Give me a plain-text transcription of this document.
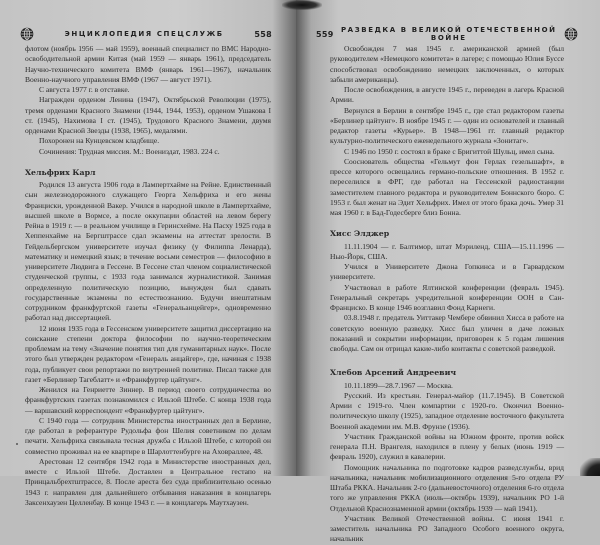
ЭНЦИКЛОПЕДИЯ СПЕЦСЛУЖБ	558

флотом (ноябрь 1956 — май 1959), военный специалист по ВМС Народно-освободительной армии Китая (май 1959 — январь 1961), председатель Научно-технического комитета ВМФ (январь 1961—1967), начальник Военно-научного управления ВМФ (1967 — август 1971).

С августа 1977 г. в отставке.

Награжден орденом Ленина (1947), Октябрьской Революции (1975), тремя орденами Красного Знамени (1944, 1944, 1953), орденом Ушакова I ст. (1945), Нахимова I ст. (1945), Трудового Красного Знамени, двумя орденами Красной Звезды (1938, 1965), медалями.

Похоронен на Кунцевском кладбище.

Сочинения: Трудная миссия. М.: Воениздат, 1983. 224 с.

Хельфрих Карл

Родился 13 августа 1906 года в Лампертхайме на Рейне. Единственный сын железнодорожного служащего Георга Хельфриха и его жены Франциски, урожденной Вакер. Учился в народной школе в Лампертхайме, высшей школе в Вормсе, а после оккупации областей на левом берегу Рейна в 1919 г. — в реальном училище в Геринсхейме. На Пасху 1925 года в Хеппенхайме на Бергштрассе сдал экзамены на аттестат зрелости. В Гейдельбергском университете изучал физику (у Филиппа Ленарда), математику и немецкий язык; в течение восьми семестров — философию в университете Людвига в Гессене. В Гессене стал членом социалистической студенческой группы, с 1933 года занимался журналистикой. Занимая определенную политическую позицию, вынужден был сдавать государственные экзамены по естествознанию. Будучи внештатным сотрудником франкфуртской газеты «Генеральанцейгер», одновременно работал над диссертацией.

12 июня 1935 года в Гессенском университете защитил диссертацию на соискание степени доктора философии по научно-теоретическим проблемам на тему «Значение понятия тип для гуманитарных наук». После этого был утвержден редактором «Генераль анцайгер», где, начиная с 1938 года, публикует свои репортажи по внутренней политике. Писал также для газет «Берлинер Тагеблатт» и «Франкфуртер цайтунг».

Женился на Генриетте Зиннер. В период своего сотрудничества во франкфуртских газетах познакомился с Ильзой Штебе. С конца 1938 года — варшавский корреспондент «Франкфуртер цайтунг».

С 1940 года — сотрудник Министерства иностранных дел в Берлине, где работал в реферантуре Рудольфа фон Шелия советником по делам печати. Хельфриха связывала тесная дружба с Ильзой Штебе, с которой он совместно проживал на ее квартире в Шарлоттенбурге на Аховраллее, 48.

Арестован 12 сентября 1942 года в Министерстве иностранных дел, вместе с Ильзой Штебе. Доставлен в Центральное гестапо на Принцальбрехтштрассе, 8. После ареста без суда приблизительно осенью 1943 г. направлен для дальнейшего отбывания наказания в концлагерь Заксенхаузен Целленбау. В конце 1943 г. — в концлагерь Маутхаузен.

559	РАЗВЕДКА В ВЕЛИКОЙ ОТЕЧЕСТВЕННОЙ ВОЙНЕ

Освобожден 7 мая 1945 г. американской армией (был руководителем «Немецкого комитета» в лагере; с помощью Юлия Буссе способствовал освобождению немецких заключенных, о которых забыли американцы).

После освобождения, в августе 1945 г., переведен в лагерь Красной Армии.

Вернулся в Берлин в сентябре 1945 г., где стал редактором газеты «Берлинер цайтунг». В ноябре 1945 г. — один из основателей и главный редактор газеты «Курьер». В 1948—1961 гг. главный редактор культурно-политического еженедельного журнала «Зонитаг».

С 1946 по 1950 г. состоял в браке с Бригиттой Шульц, имел сына.

Сооснователь общества «Гельмут фон Герлах гезельшафт», в прессе которого освещались германо-польские отношения. В 1952 г. переселился в ФРГ, где работал на Гессенской радиостанции заместителем главного редактора и руководителем Боннского бюро. С 1953 г. был женат на Эдит Хельфрих. Имел от этого брака дочь. Умер 31 мая 1960 г. в Бад-Годесберге близ Бонна.

Хисс Элджер

11.11.1904 — г. Балтимор, штат Мэриленд, США—15.11.1996 — Нью-Йорк, США.

Учился в Университете Джона Гопкинса и в Гарвардском университете.

Участвовал в работе Ялтинской конференции (февраль 1945). Генеральный секретарь учредительной конференции ООН в Сан-Франциско. В конце 1946 возглавил Фонд Карнеги.

03.8.1948 г. предатель Уиттакер Чембере обвинил Хисса в работе на советскую военную разведку. Хисс был уличен в даче ложных показаний и сокрытии информации, приговорен к 5 годам лишения свободы. Сам он отрицал какие-либо контакты с советской разведкой.

Хлебов Арсений Андреевич

10.11.1899—28.7.1967 — Москва.

Русский. Из крестьян. Генерал-майор (11.7.1945). В Советской Армии с 1919-го. Член компартии с 1920-го. Окончил Военно-политическую школу (1925), западное отделение восточного факультета Военной академии им. М.В. Фрунзе (1936).

Участник Гражданской войны на Южном фронте, против войск генерала П.Н. Врангеля, находился в плену у белых (июнь 1919 — февраль 1920), служил в кавалерии.

Помощник начальника по подготовке кадров разведслужбы, врид начальника, начальник мобилизационного отделения 5-го отдела РУ Штаба РККА. Начальник 2-го (дальневосточного) отделения 6-го отдела того же управления РККА (июль—октябрь 1939), начальник РО 1-й Отдельной Краснознаменной армии (октябрь 1939 — май 1941).

Участник Великой Отечественной войны. С июня 1941 г. заместитель начальника РО Западного Особого военного округа, начальник
